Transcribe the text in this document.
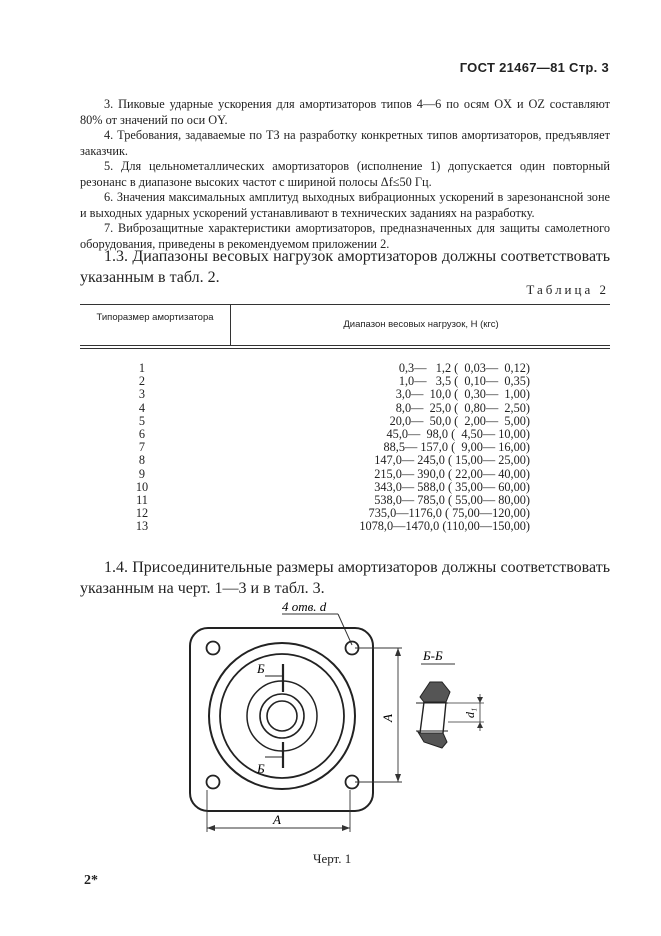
ГОСТ 21467—81 Стр. 3

3. Пиковые ударные ускорения для амортизаторов типов 4—6 по осям OX и OZ составляют 80% от значений по оси OY.

4. Требования, задаваемые по ТЗ на разработку конкретных типов амортизаторов, предъявляет заказчик.

5. Для цельнометаллических амортизаторов (исполнение 1) допускается один повторный резонанс в диапазоне высоких частот с шириной полосы Δf≤50 Гц.

6. Значения максимальных амплитуд выходных вибрационных ускорений в зарезонансной зоне и выходных ударных ускорений устанавливают в технических заданиях на разработку.

7. Виброзащитные характеристики амортизаторов, предназначенных для защиты самолетного оборудования, приведены в рекомендуемом приложении 2.

1.3. Диапазоны весовых нагрузок амортизаторов должны соответствовать указанным в табл. 2.

Таблица 2
Типоразмер амортизатора
Диапазон весовых нагрузок, Н (кгс)
1
2
3
4
5
6
7
8
9
10
11
12
13
0,3—   1,2 (  0,03—  0,12)
1,0—   3,5 (  0,10—  0,35)
3,0—  10,0 (  0,30—  1,00)
8,0—  25,0 (  0,80—  2,50)
20,0—  50,0 (  2,00—  5,00)
45,0—  98,0 (  4,50— 10,00)
88,5— 157,0 (  9,00— 16,00)
147,0— 245,0 ( 15,00— 25,00)
215,0— 390,0 ( 22,00— 40,00)
343,0— 588,0 ( 35,00— 60,00)
538,0— 785,0 ( 55,00— 80,00)
735,0—1176,0 ( 75,00—120,00)
1078,0—1470,0 (110,00—150,00)

1.4. Присоединительные размеры амортизаторов должны соответствовать указанным на черт. 1—3 и в табл. 3.

4 отв. d
Б
Б
A
A
Б-Б
d₁
Черт. 1
2*
